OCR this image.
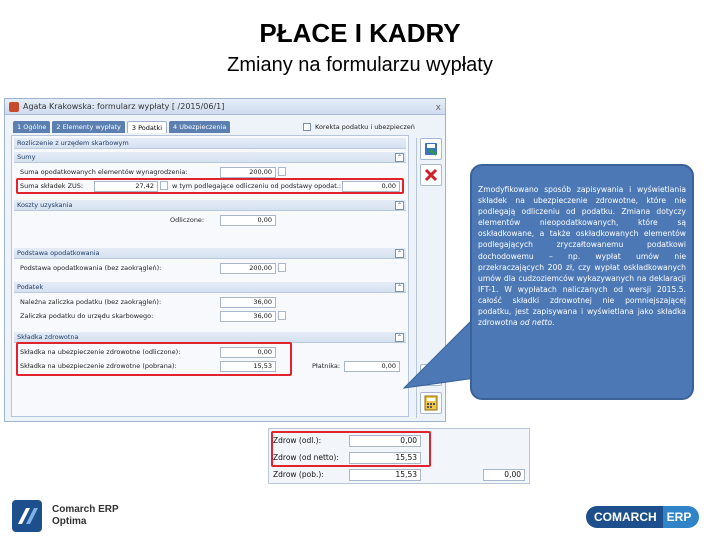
PŁACE I KADRY
Zmiany na formularzu wypłaty
Agata Krakowska: formularz wypłaty [ /2015/06/1]	x
1 Ogólne	2 Elementy wypłaty	3 Podatki	4 Ubezpieczenia	Korekta podatku i ubezpieczeń
Rozliczenie z urzędem skarbowym
Sumy	⌃
Suma opodatkowanych elementów wynagrodzenia:	200,00
Suma składek ZUS:	27,42	w tym podlegające odliczeniu od podstawy opodat.:	0,00
Koszty uzyskania	⌃
Odliczone:	0,00
Podstawa opodatkowania	⌃
Podstawa opodatkowania (bez zaokrągleń):	200,00
Podatek	⌃
Należna zaliczka podatku (bez zaokrągleń):	36,00
Zaliczka podatku do urzędu skarbowego:	36,00
Składka zdrowotna	⌃
Składka na ubezpieczenie zdrowotne (odliczone):	0,00
Składka na ubezpieczenie zdrowotne (pobrana):	15,53	Płatnika:	0,00
Zmodyfikowano sposób zapisywania i wyświetlania składek na ubezpieczenie zdrowotne, które nie podlegają odliczeniu od podatku. Zmiana dotyczy elementów nieopodatkowanych, które są oskładkowane, a także oskładkowanych elementów podlegających zryczałtowanemu podatkowi dochodowemu – np. wypłat umów nie przekraczających 200 zł, czy wypłat oskładkowanych umów dla cudzoziemców wykazywanych na deklaracji IFT-1. W wypłatach naliczanych od wersji 2015.5. całość składki zdrowotnej nie pomniejszającej podatku, jest zapisywana i wyświetlana jako składka zdrowotna od netto.
Zdrow (odl.):	0,00
Zdrow (od netto):	15,53
Zdrow (pob.):	15,53	0,00
Comarch ERP
Optima	COMARCH ERP
